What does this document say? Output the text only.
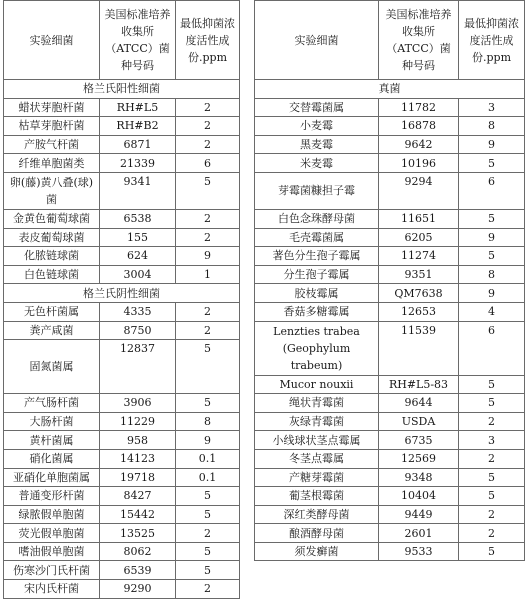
实验细菌	美国标准培养收集所（ATCC）菌种号码	最低抑菌浓度活性成份.ppm
格兰氏阳性细菌		
蜡状芽胞杆菌	RH#L5	2
枯草芽胞杆菌	RH#B2	2
产胺气杆菌	6871	2
纤维单胞菌类	21339	6
卵(藤)黄八叠(球)菌	9341	5
金黄色葡萄球菌	6538	2
表皮葡萄球菌	155	2
化脓链球菌	624	9
白色链球菌	3004	1
格兰氏阴性细菌		
无色杆菌属	4335	2
粪产咸菌	8750	2
固氮菌属	12837	5
产气肠杆菌	3906	5
大肠杆菌	11229	8
黄杆菌属	958	9
硝化菌属	14123	0.1
亚硝化单胞菌属	19718	0.1
普通变形杆菌	8427	5
绿脓假单胞菌	15442	5
荧光假单胞菌	13525	2
嗜油假单胞菌	8062	5
伤寒沙门氏杆菌	6539	5
宋内氏杆菌	9290	2
实验细菌	美国标准培养收集所（ATCC）菌种号码	最低抑菌浓度活性成份.ppm
真菌		
交替霉菌属	11782	3
小麦霉	16878	8
黑麦霉	9642	9
米麦霉	10196	5
芽霉菌糠担子霉	9294	6
白色念珠酵母菌	11651	5
毛壳霉菌属	6205	9
著色分生孢子霉属	11274	5
分生孢子霉属	9351	8
胶枝霉属	QM7638	9
香菇多糖霉属	12653	4
Lenzties trabea (Geophylum trabeum)	11539	6
Mucor nouxii	RH#L5-83	5
绳状青霉菌	9644	5
灰绿青霉菌	USDA	2
小线球状茎点霉属	6735	3
冬茎点霉属	12569	2
产糖芽霉菌	9348	5
葡茎根霉菌	10404	5
深红类酵母菌	9449	2
酿酒酵母菌	2601	2
须发癣菌	9533	5
